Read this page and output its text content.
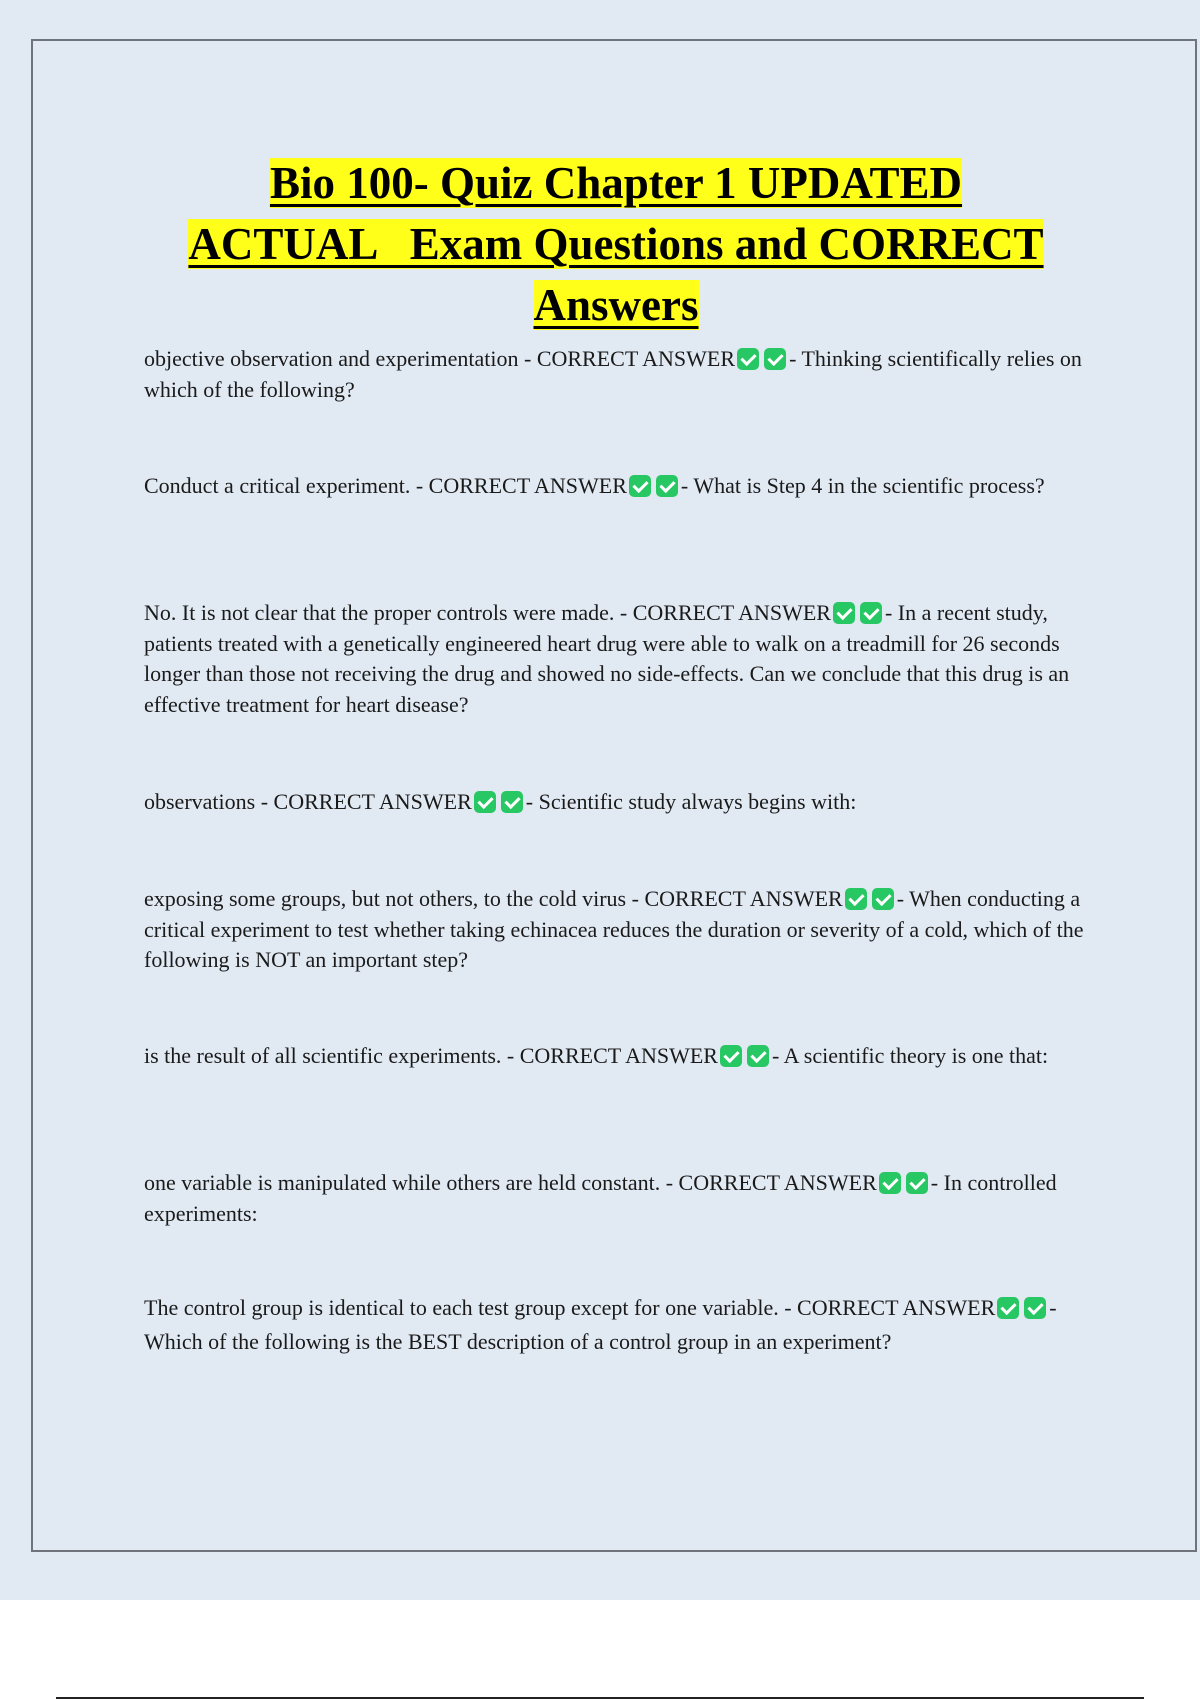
Bio 100- Quiz Chapter 1 UPDATED
ACTUAL   Exam Questions and CORRECT
Answers

objective observation and experimentation - CORRECT ANSWER - Thinking scientifically relies on which of the following?

Conduct a critical experiment. - CORRECT ANSWER - What is Step 4 in the scientific process?

No. It is not clear that the proper controls were made. - CORRECT ANSWER - In a recent study, patients treated with a genetically engineered heart drug were able to walk on a treadmill for 26 seconds longer than those not receiving the drug and showed no side-effects. Can we conclude that this drug is an effective treatment for heart disease?

observations - CORRECT ANSWER - Scientific study always begins with:

exposing some groups, but not others, to the cold virus - CORRECT ANSWER - When conducting a critical experiment to test whether taking echinacea reduces the duration or severity of a cold, which of the following is NOT an important step?

is the result of all scientific experiments. - CORRECT ANSWER - A scientific theory is one that:

one variable is manipulated while others are held constant. - CORRECT ANSWER - In controlled experiments:

The control group is identical to each test group except for one variable. - CORRECT ANSWER - Which of the following is the BEST description of a control group in an experiment?
